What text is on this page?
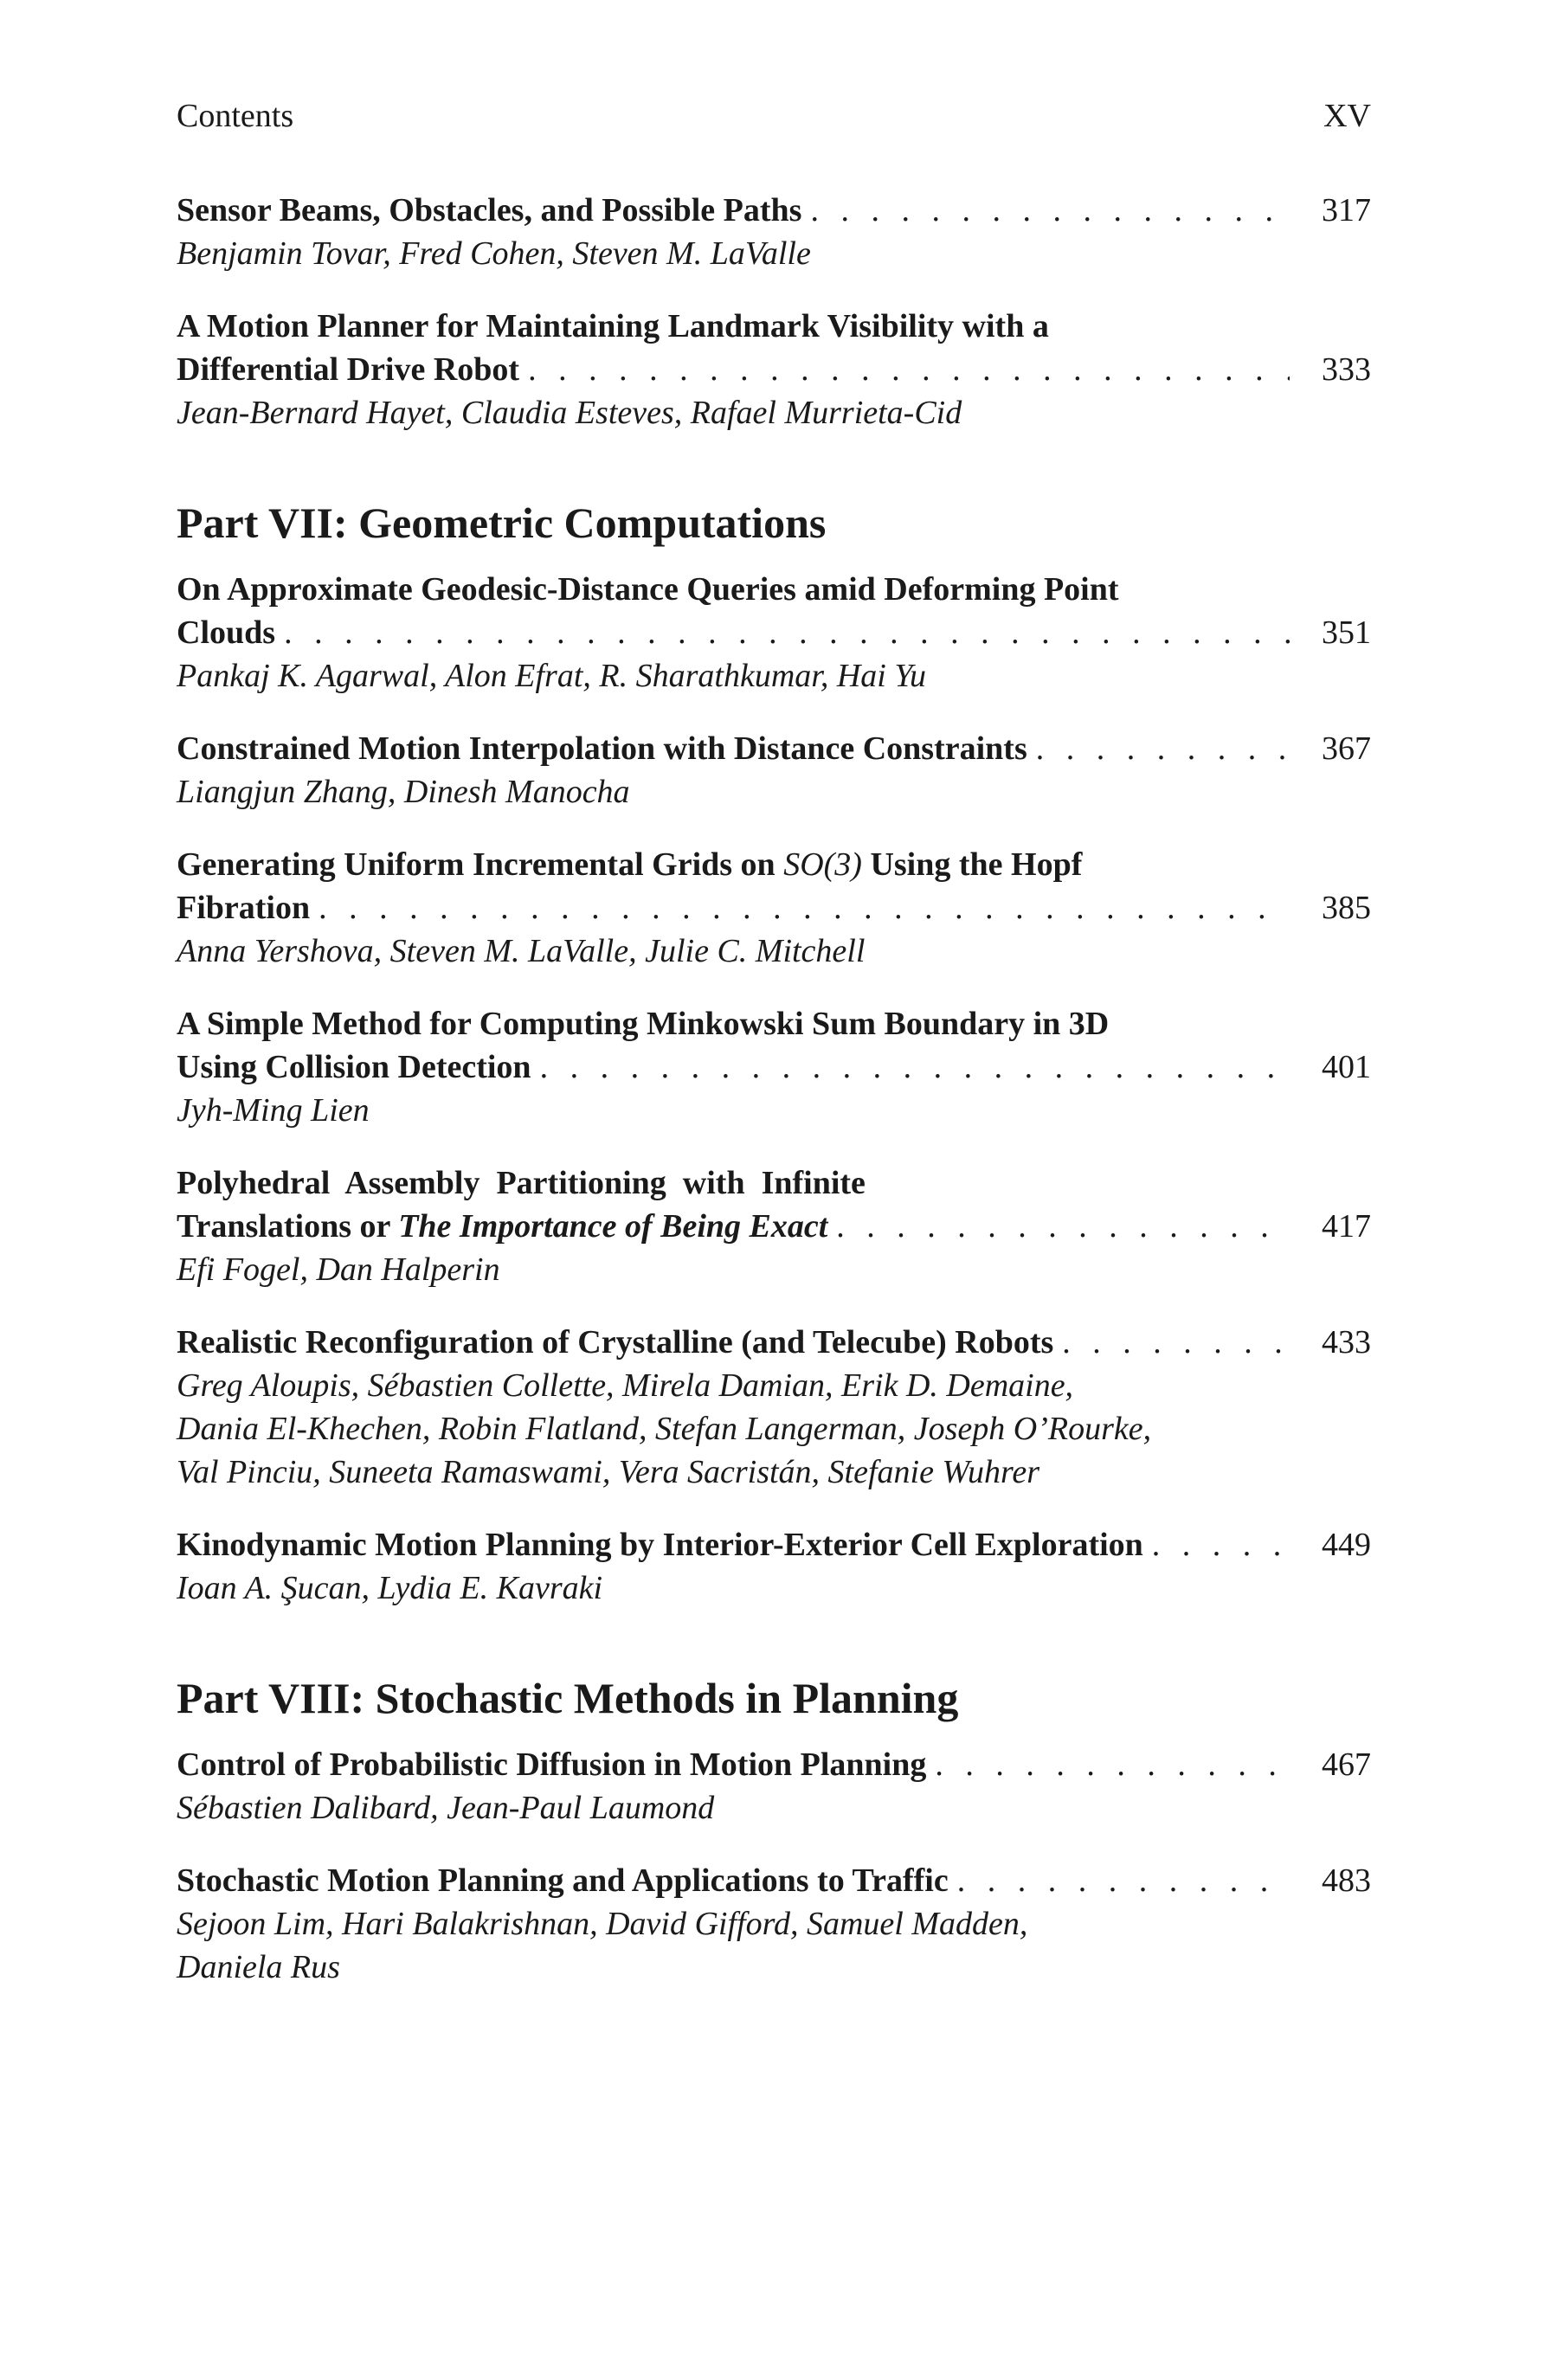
Contents	XV
Sensor Beams, Obstacles, and Possible Paths . . .	317
Benjamin Tovar, Fred Cohen, Steven M. LaValle
A Motion Planner for Maintaining Landmark Visibility with a
Differential Drive Robot . . .	333
Jean-Bernard Hayet, Claudia Esteves, Rafael Murrieta-Cid
Part VII: Geometric Computations
On Approximate Geodesic-Distance Queries amid Deforming Point
Clouds . . .	351
Pankaj K. Agarwal, Alon Efrat, R. Sharathkumar, Hai Yu
Constrained Motion Interpolation with Distance Constraints . . .	367
Liangjun Zhang, Dinesh Manocha
Generating Uniform Incremental Grids on SO(3) Using the Hopf
Fibration . . .	385
Anna Yershova, Steven M. LaValle, Julie C. Mitchell
A Simple Method for Computing Minkowski Sum Boundary in 3D
Using Collision Detection . . .	401
Jyh-Ming Lien
Polyhedral  Assembly  Partitioning  with  Infinite
Translations or The Importance of Being Exact . . .	417
Efi Fogel, Dan Halperin
Realistic Reconfiguration of Crystalline (and Telecube) Robots . . .	433
Greg Aloupis, Sébastien Collette, Mirela Damian, Erik D. Demaine,
Dania El-Khechen, Robin Flatland, Stefan Langerman, Joseph O’Rourke,
Val Pinciu, Suneeta Ramaswami, Vera Sacristán, Stefanie Wuhrer
Kinodynamic Motion Planning by Interior-Exterior Cell Exploration . . .	449
Ioan A. Şucan, Lydia E. Kavraki
Part VIII: Stochastic Methods in Planning
Control of Probabilistic Diffusion in Motion Planning . . .	467
Sébastien Dalibard, Jean-Paul Laumond
Stochastic Motion Planning and Applications to Traffic . . .	483
Sejoon Lim, Hari Balakrishnan, David Gifford, Samuel Madden,
Daniela Rus
